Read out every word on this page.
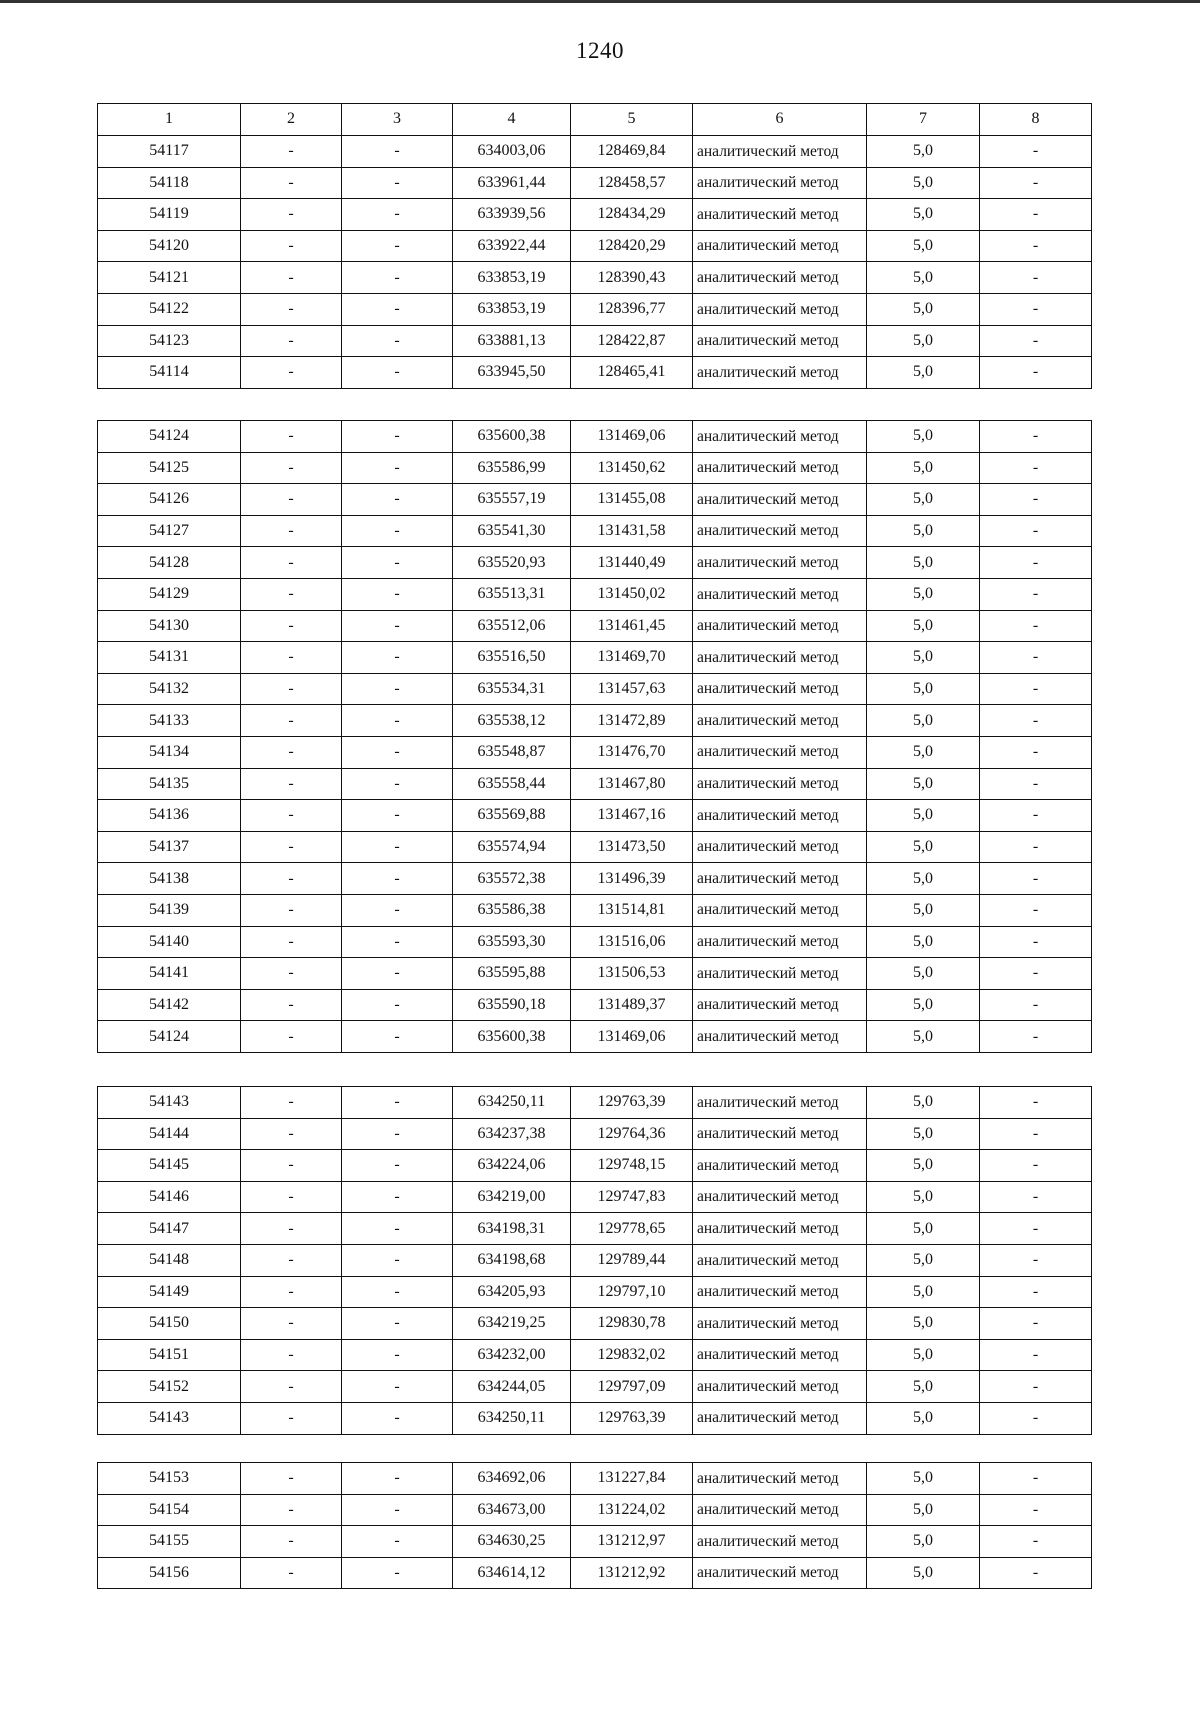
1240
1	2	3	4	5	6	7	8
54117	-	-	634003,06	128469,84	аналитический метод	5,0	-
54118	-	-	633961,44	128458,57	аналитический метод	5,0	-
54119	-	-	633939,56	128434,29	аналитический метод	5,0	-
54120	-	-	633922,44	128420,29	аналитический метод	5,0	-
54121	-	-	633853,19	128390,43	аналитический метод	5,0	-
54122	-	-	633853,19	128396,77	аналитический метод	5,0	-
54123	-	-	633881,13	128422,87	аналитический метод	5,0	-
54114	-	-	633945,50	128465,41	аналитический метод	5,0	-
54124	-	-	635600,38	131469,06	аналитический метод	5,0	-
54125	-	-	635586,99	131450,62	аналитический метод	5,0	-
54126	-	-	635557,19	131455,08	аналитический метод	5,0	-
54127	-	-	635541,30	131431,58	аналитический метод	5,0	-
54128	-	-	635520,93	131440,49	аналитический метод	5,0	-
54129	-	-	635513,31	131450,02	аналитический метод	5,0	-
54130	-	-	635512,06	131461,45	аналитический метод	5,0	-
54131	-	-	635516,50	131469,70	аналитический метод	5,0	-
54132	-	-	635534,31	131457,63	аналитический метод	5,0	-
54133	-	-	635538,12	131472,89	аналитический метод	5,0	-
54134	-	-	635548,87	131476,70	аналитический метод	5,0	-
54135	-	-	635558,44	131467,80	аналитический метод	5,0	-
54136	-	-	635569,88	131467,16	аналитический метод	5,0	-
54137	-	-	635574,94	131473,50	аналитический метод	5,0	-
54138	-	-	635572,38	131496,39	аналитический метод	5,0	-
54139	-	-	635586,38	131514,81	аналитический метод	5,0	-
54140	-	-	635593,30	131516,06	аналитический метод	5,0	-
54141	-	-	635595,88	131506,53	аналитический метод	5,0	-
54142	-	-	635590,18	131489,37	аналитический метод	5,0	-
54124	-	-	635600,38	131469,06	аналитический метод	5,0	-
54143	-	-	634250,11	129763,39	аналитический метод	5,0	-
54144	-	-	634237,38	129764,36	аналитический метод	5,0	-
54145	-	-	634224,06	129748,15	аналитический метод	5,0	-
54146	-	-	634219,00	129747,83	аналитический метод	5,0	-
54147	-	-	634198,31	129778,65	аналитический метод	5,0	-
54148	-	-	634198,68	129789,44	аналитический метод	5,0	-
54149	-	-	634205,93	129797,10	аналитический метод	5,0	-
54150	-	-	634219,25	129830,78	аналитический метод	5,0	-
54151	-	-	634232,00	129832,02	аналитический метод	5,0	-
54152	-	-	634244,05	129797,09	аналитический метод	5,0	-
54143	-	-	634250,11	129763,39	аналитический метод	5,0	-
54153	-	-	634692,06	131227,84	аналитический метод	5,0	-
54154	-	-	634673,00	131224,02	аналитический метод	5,0	-
54155	-	-	634630,25	131212,97	аналитический метод	5,0	-
54156	-	-	634614,12	131212,92	аналитический метод	5,0	-
